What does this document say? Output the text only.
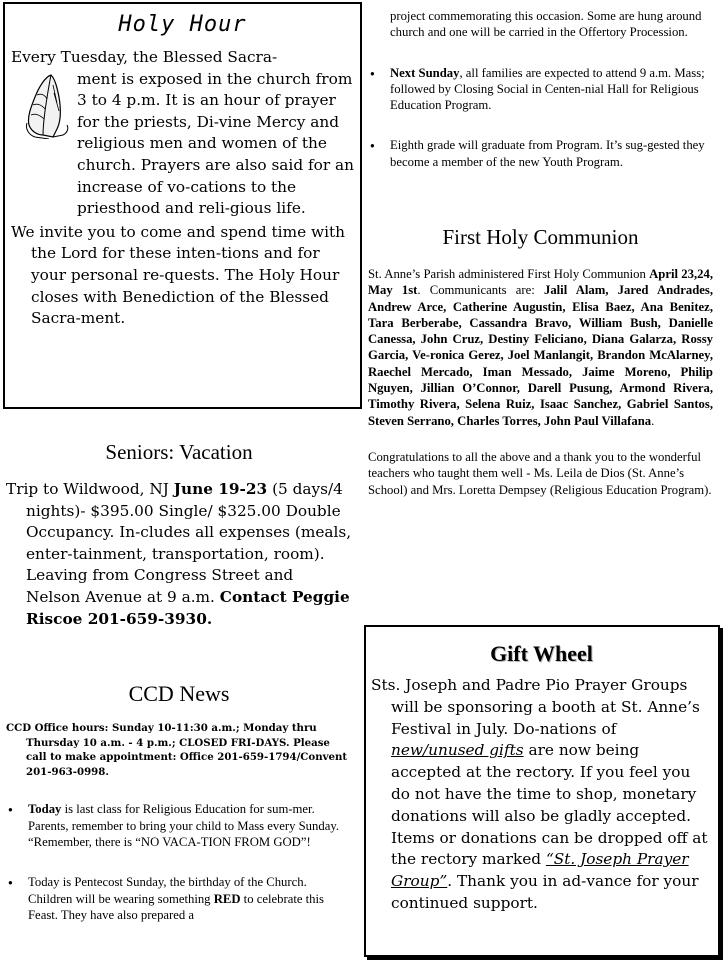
Holy Hour
Every Tuesday, the Blessed Sacra-
ment is exposed in the church from 3 to 4 p.m. It is an hour of prayer for the priests, Di-vine Mercy and religious men and women of the church. Prayers are also said for an increase of vo-cations to the priesthood and reli-gious life.
We invite you to come and spend time with the Lord for these inten-tions and for your personal re-quests. The Holy Hour closes with Benediction of the Blessed Sacra-ment.
Seniors: Vacation
Trip to Wildwood, NJ June 19-23 (5 days/4 nights)- $395.00 Single/ $325.00 Double Occupancy. In-cludes all expenses (meals, enter-tainment, transportation, room). Leaving from Congress Street and Nelson Avenue at 9 a.m. Contact Peggie Riscoe 201-659-3930.
CCD News
CCD Office hours: Sunday 10-11:30 a.m.; Monday thru Thursday 10 a.m. - 4 p.m.; CLOSED FRI-DAYS. Please call to make appointment: Office 201-659-1794/Convent 201-963-0998.
● Today is last class for Religious Education for sum-mer. Parents, remember to bring your child to Mass every Sunday. “Remember, there is “NO VACA-TION FROM GOD”!
● Today is Pentecost Sunday, the birthday of the Church. Children will be wearing something RED to celebrate this Feast. They have also prepared a
project commemorating this occasion. Some are hung around church and one will be carried in the Offertory Procession.
● Next Sunday, all families are expected to attend 9 a.m. Mass; followed by Closing Social in Centen-nial Hall for Religious Education Program.
● Eighth grade will graduate from Program. It’s sug-gested they become a member of the new Youth Program.
First Holy Communion
St. Anne’s Parish administered First Holy Communion April 23,24, May 1st. Communicants are: Jalil Alam, Jared Andrades, Andrew Arce, Catherine Augustin, Elisa Baez, Ana Benitez, Tara Berberabe, Cassandra Bravo, William Bush, Danielle Canessa, John Cruz, Destiny Feliciano, Diana Galarza, Rossy Garcia, Ve-ronica Gerez, Joel Manlangit, Brandon McAlarney, Raechel Mercado, Iman Messado, Jaime Moreno, Philip Nguyen, Jillian O’Connor, Darell Pusung, Armond Rivera, Timothy Rivera, Selena Ruiz, Isaac Sanchez, Gabriel Santos, Steven Serrano, Charles Torres, John Paul Villafana.
Congratulations to all the above and a thank you to the wonderful teachers who taught them well - Ms. Leila de Dios (St. Anne’s School) and Mrs. Loretta Dempsey (Religious Education Program).
Gift Wheel
Sts. Joseph and Padre Pio Prayer Groups will be sponsoring a booth at St. Anne’s Festival in July. Do-nations of new/unused gifts are now being accepted at the rectory. If you feel you do not have the time to shop, monetary donations will also be gladly accepted. Items or donations can be dropped off at the rectory marked “St. Joseph Prayer Group”. Thank you in ad-vance for your continued support.
